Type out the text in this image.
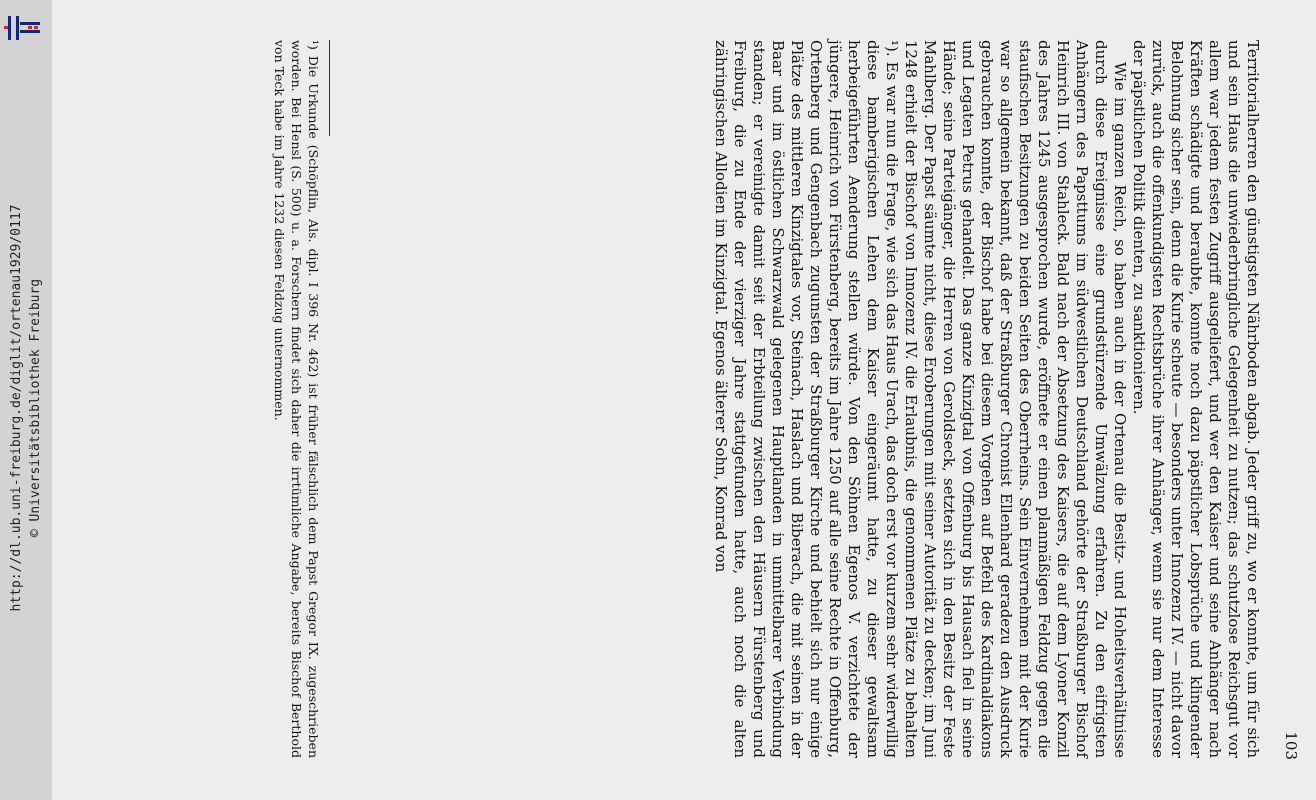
http://dl.ub.uni-freiburg.de/diglit/ortenau1929/0117 © Universitätsbibliothek Freiburg
103

Territorialherren den günstigsten Nährboden abgab. Jeder griff zu, wo er konnte, um für sich und sein Haus die unwiederbringliche Gelegenheit zu nutzen; das schutzlose Reichsgut vor allem war jedem festen Zugriff ausgeliefert, und wer den Kaiser und seine Anhänger nach Kräften schädigte und beraubte, konnte noch dazu päpstlicher Lobsprüche und klingender Belohnung sicher sein, denn die Kurie scheute — besonders unter Innozenz IV. — nicht davor zurück, auch die offenkundigsten Rechtsbrüche ihrer Anhänger, wenn sie nur dem Interesse der päpstlichen Politik dienten, zu sanktionieren.

Wie im ganzen Reich, so haben auch in der Ortenau die Besitz- und Hoheitsverhältnisse durch diese Ereignisse eine grundstürzende Umwälzung erfahren. Zu den eifrigsten Anhängern des Papsttums im südwestlichen Deutschland gehörte der Straßburger Bischof Heinrich III. von Stahleck. Bald nach der Absetzung des Kaisers, die auf dem Lyoner Konzil des Jahres 1245 ausgesprochen wurde, eröffnete er einen planmäßigen Feldzug gegen die staufischen Besitzungen zu beiden Seiten des Oberrheins. Sein Einvernehmen mit der Kurie war so allgemein bekannt, daß der Straßburger Chronist Ellenhard geradezu den Ausdruck gebrauchen konnte, der Bischof habe bei diesem Vorgehen auf Befehl des Kardinaldiakons und Legaten Petrus gehandelt. Das ganze Kinzigtal von Offenburg bis Hausach fiel in seine Hände; seine Parteigänger, die Herren von Geroldseck, setzten sich in den Besitz der Feste Mahlberg. Der Papst säumte nicht, diese Eroberungen mit seiner Autorität zu decken; im Juni 1248 erhielt der Bischof von Innozenz IV. die Erlaubnis, die genommenen Plätze zu behalten ¹). Es war nun die Frage, wie sich das Haus Urach, das doch erst vor kurzem sehr widerwillig diese bamberigischen Lehen dem Kaiser eingeräumt hatte, zu dieser gewaltsam herbeigeführten Aenderung stellen würde. Von den Söhnen Egenos V. verzichtete der jüngere, Heinrich von Fürstenberg, bereits im Jahre 1250 auf alle seine Rechte in Offenburg, Ortenberg und Gengenbach zugunsten der Straßburger Kirche und behielt sich nur einige Plätze des mittleren Kinzigtales vor, Steinach, Haslach und Biberach, die mit seinen in der Baar und im östlichen Schwarzwald gelegenen Hauptlanden in unmittelbarer Verbindung standen; er vereinigte damit seit der Erbteilung zwischen den Häusern Fürstenberg und Freiburg, die zu Ende der vierziger Jahre stattgefunden hatte, auch noch die alten zähringischen Allodien im Kinzigtal. Egenos älterer Sohn, Konrad von

¹) Die Urkunde (Schöpflin, Als. dipl. I 396 Nr. 462) ist früher fälschlich dem Papst Gregor IX. zugeschrieben worden. Bei Hensl (S. 500) u. a. Forschern findet sich daher die irrtümliche Angabe, bereits Bischof Berthold von Teck habe im Jahre 1232 diesen Feldzug unternommen.
